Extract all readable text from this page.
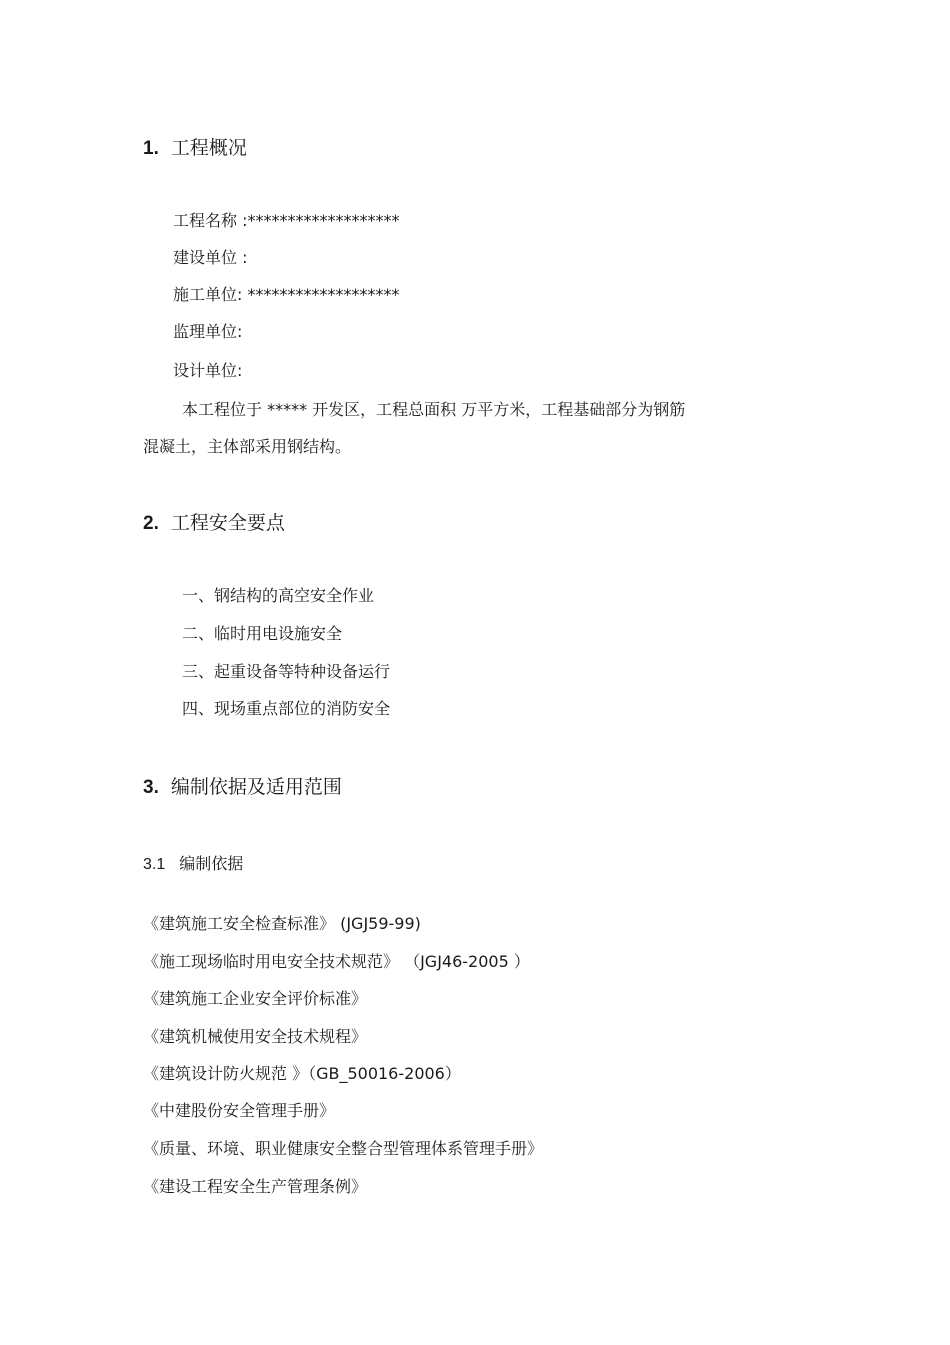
1. 工程概况
工程名称 :*******************
建设单位 :
施工单位: *******************
监理单位:
设计单位:
本工程位于 ***** 开发区，工程总面积 万平方米，工程基础部分为钢筋
混凝土，主体部采用钢结构。
2. 工程安全要点
一、钢结构的高空安全作业
二、临时用电设施安全
三、起重设备等特种设备运行
四、现场重点部位的消防安全
3. 编制依据及适用范围
3.1 编制依据
《建筑施工安全检查标准》 (JGJ59-99)
《施工现场临时用电安全技术规范》 （JGJ46-2005 ）
《建筑施工企业安全评价标准》
《建筑机械使用安全技术规程》
《建筑设计防火规范 》（GB_50016-2006）
《中建股份安全管理手册》
《质量、环境、职业健康安全整合型管理体系管理手册》
《建设工程安全生产管理条例》
